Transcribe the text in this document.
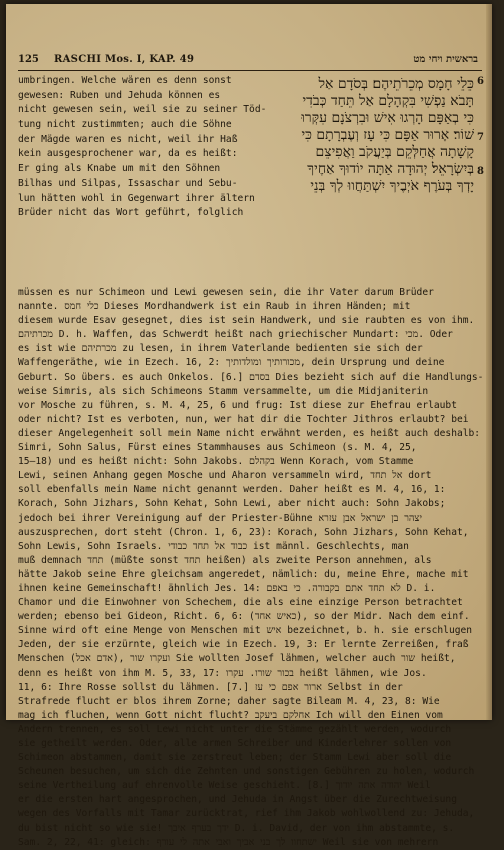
125 RASCHI Mos. I, KAP. 49	בראשית ויחי מט
umbringen. Welche wären es denn sonst
gewesen: Ruben und Jehuda können es
nicht gewesen sein, weil sie zu seiner Töd-
tung nicht zustimmten; auch die Söhne
der Mägde waren es nicht, weil ihr Haß
kein ausgesprochener war, da es heißt:
Er ging als Knabe um mit den Söhnen
Bilhas und Silpas, Issaschar und Sebu-
lun hätten wohl in Gegenwart ihrer ältern
Brüder nicht das Wort geführt, folglich
כֵּלֵי חָמָס מְכֵרֹתֵיהֶם׃ בְּסֹדָם אַל
תָּבֹא נַפְשִׁי בִּקְהָלָם אַל תֵּחַד כְּבֹדִי
כִּי בְאַפָּם הָרְגוּ אִישׁ וּבִרְצֹנָם עִקְּרוּ
שׁוֹר׃ אָרוּר אַפָּם כִּי עָז וְעֶבְרָתָם כִּי
קָשָׁתָה אֲחַלְּקֵם בְּיַעֲקֹב וַאֲפִיצֵם
בְּיִשְׂרָאֵל׃ יְהוּדָה אַתָּה יוֹדוּךָ אַחֶיךָ
יָדְךָ בְּעֹרֶף אֹיְבֶיךָ יִשְׁתַּחֲווּ לְךָ בְּנֵי
6
7
8
müssen es nur Schimeon und Lewi gewesen sein, die ihr Vater darum Brüder
nannte. כלי חמס Dieses Mordhandwerk ist ein Raub in ihren Händen; mit
diesem wurde Esav gesegnet, dies ist sein Handwerk, und sie raubten es von ihm.
מכרתיהם D. h. Waffen, das Schwerdt heißt nach griechischer Mundart: מכי. Oder
es ist wie מכרתיהם zu lesen, in ihrem Vaterlande bedienten sie sich der
Waffengeräthe, wie in Ezech. 16, 2: מכורותיך ומולדותיך, dein Ursprung und deine
Geburt. So übers. es auch Onkelos. [6.] בסדם Dies bezieht sich auf die Handlungs-
weise Simris, als sich Schimeons Stamm versammelte, um die Midjaniterin
vor Mosche zu führen, s. M. 4, 25, 6 und frug: Ist diese zur Ehefrau erlaubt
oder nicht? Ist es verboten, nun, wer hat dir die Tochter Jithros erlaubt? bei
dieser Angelegenheit soll mein Name nicht erwähnt werden, es heißt auch deshalb:
Simri, Sohn Salus, Fürst eines Stammhauses aus Schimeon (s. M. 4, 25,
15—18) und es heißt nicht: Sohn Jakobs. בקהלם Wenn Korach, vom Stamme
Lewi, seinen Anhang gegen Mosche und Aharon versammeln wird, אל תחד dort
soll ebenfalls mein Name nicht genannt werden. Daher heißt es M. 4, 16, 1:
Korach, Sohn Jizhars, Sohn Kehat, Sohn Lewi, aber nicht auch: Sohn Jakobs;
jedoch bei ihrer Vereinigung auf der Priester-Bühne יצהר בן ישראל אבן עזרא
auszusprechen, dort steht (Chron. 1, 6, 23): Korach, Sohn Jizhars, Sohn Kehat,
Sohn Lewis, Sohn Israels. כבוד אל תחד כבודי ist männl. Geschlechts, man
muß demnach תחד (müßte sonst תחד heißen) als zweite Person annehmen, als
hätte Jakob seine Ehre gleichsam angeredet, nämlich: du, meine Ehre, mache mit
ihnen keine Gemeinschaft! ähnlich Jes. 14: לא תחד אתם בקבורה. כי באפם D. i.
Chamor und die Einwohner von Schechem, die als eine einzige Person betrachtet
werden; ebenso bei Gideon, Richt. 6, 6: (כאיש אחד), so der Midr. Nach dem einf.
Sinne wird oft eine Menge von Menschen mit איש bezeichnet, b. h. sie erschlugen
Jeden, der sie erzürnte, gleich wie in Ezech. 19, 3: Er lernte Zerreißen, fraß
Menschen (אדם אכל), ועקרו שור Sie wollten Josef lähmen, welcher auch שור heißt,
denn es heißt von ihm M. 5, 33, 17: בכור שורו. עקרו heißt lähmen, wie Jos.
11, 6: Ihre Rosse sollst du lähmen. [7.] ארור אפם כי עז Selbst in der
Strafrede flucht er blos ihrem Zorne; daher sagte Bileam M. 4, 23, 8: Wie
mag ich fluchen, wenn Gott nicht flucht? אחלקם ביעקב Ich will den Einen vom
Andern trennen, es soll Lewi nicht unter die Stämme gezählt werden, wodurch
sie getheilt werden. Oder, alle armen Schreiber und Kinderlehrer sollen von
Schimeon abstammen, damit sie zerstreut leben; der Stamm Lewi aber soll die
Scheunen besuchen, um sich die Zehnten und sonstigen Gebühren zu holen, wodurch
seine Vertheilung auf ehrenvolle Weise geschieht. [8.] יהודה אתה יודוך Weil
er die ersten hart angesprochen, und Jehuda in Angst über die Zurechtweisung
wegen des Vorfalls mit Tamar zurücktrat, rief ihm Jakob wohlwollend zu: Jehuda,
du bist nicht so wie sie! ידך בערף איבך D. i. David, der von ihm abstammte, s.
Sam. 2, 22, 41: gleich: ישתחוו לך בני אביך ואבי אתה לי עורף Weil sie von mehrern
